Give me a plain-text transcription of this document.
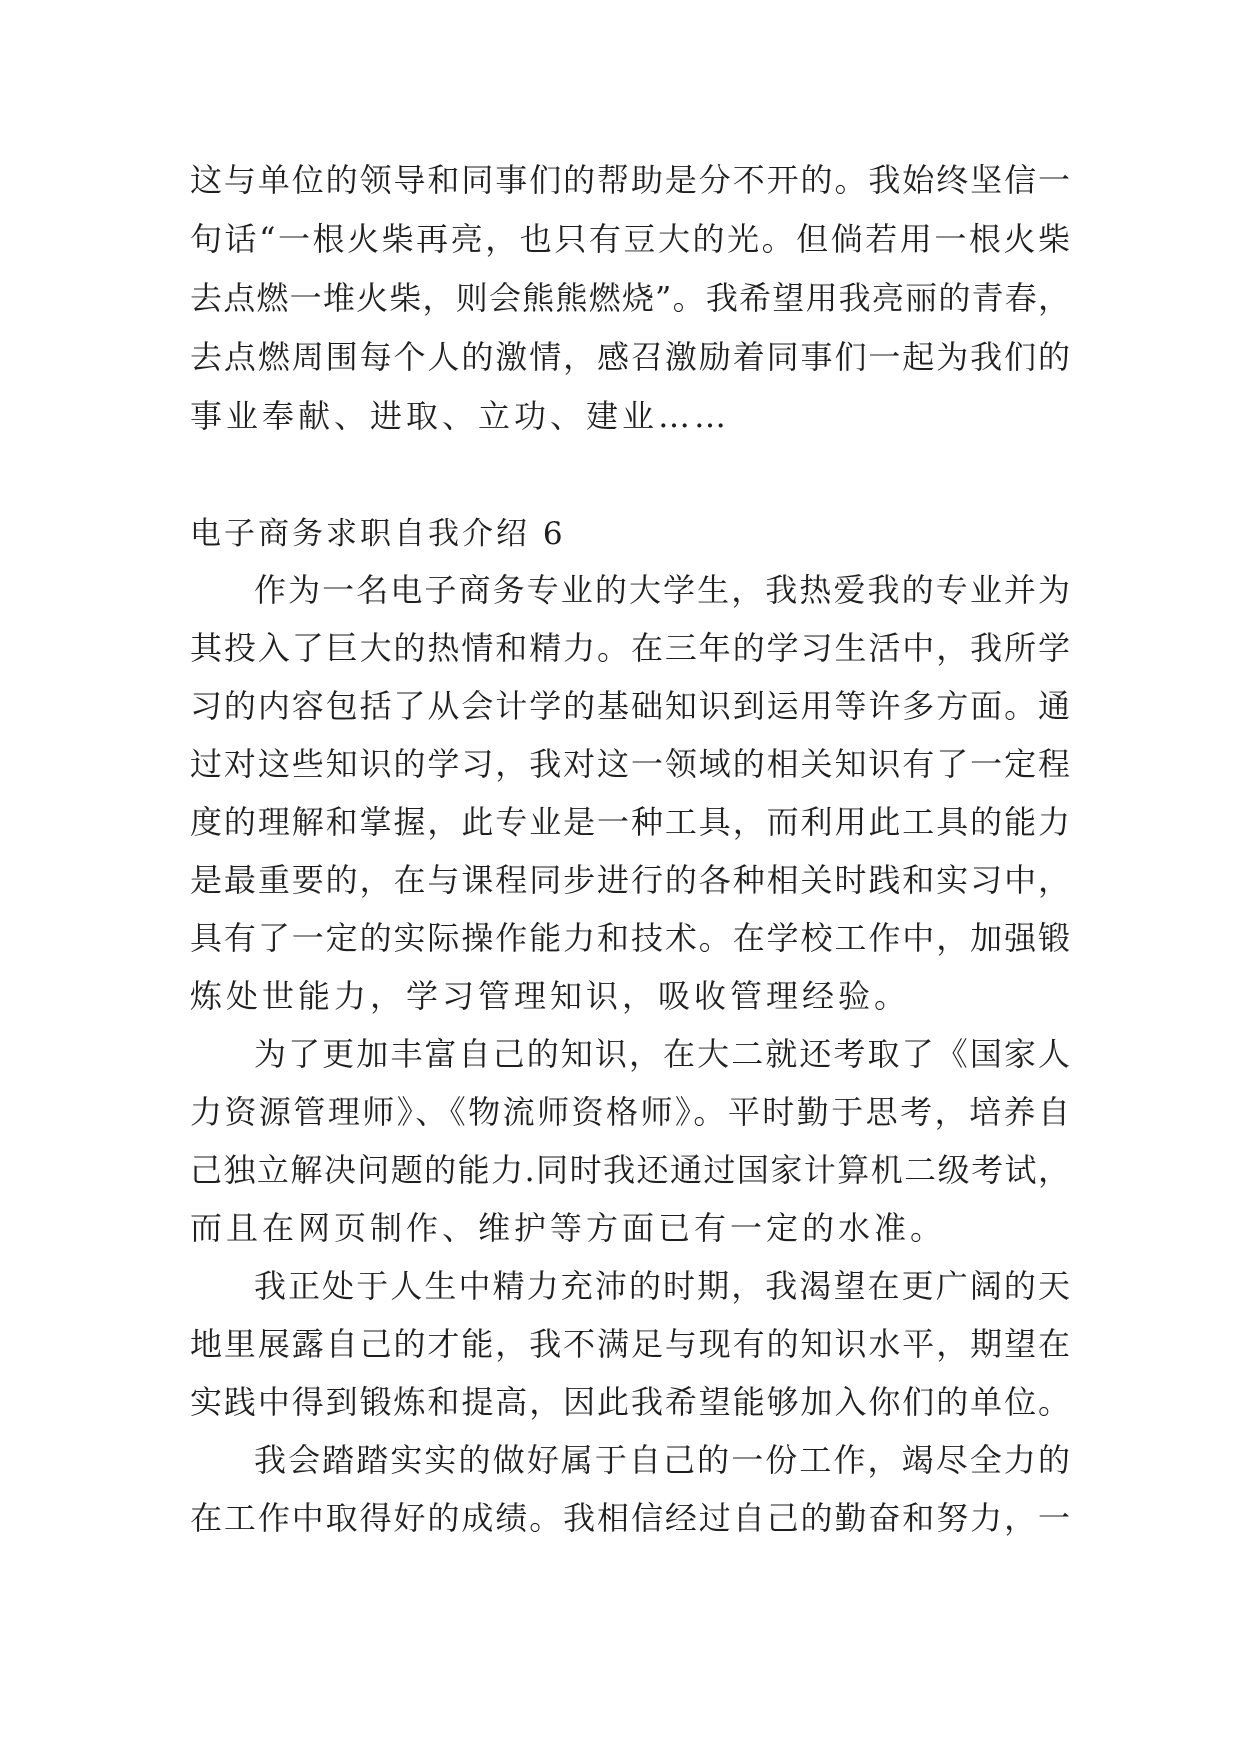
这与单位的领导和同事们的帮助是分不开的。我始终坚信一
句话“一根火柴再亮，也只有豆大的光。但倘若用一根火柴
去点燃一堆火柴，则会熊熊燃烧”。我希望用我亮丽的青春，
去点燃周围每个人的激情，感召激励着同事们一起为我们的
事业奉献、进取、立功、建业……
电子商务求职自我介绍 6
作为一名电子商务专业的大学生，我热爱我的专业并为
其投入了巨大的热情和精力。在三年的学习生活中，我所学
习的内容包括了从会计学的基础知识到运用等许多方面。通
过对这些知识的学习，我对这一领域的相关知识有了一定程
度的理解和掌握，此专业是一种工具，而利用此工具的能力
是最重要的，在与课程同步进行的各种相关时践和实习中，
具有了一定的实际操作能力和技术。在学校工作中，加强锻
炼处世能力，学习管理知识，吸收管理经验。
为了更加丰富自己的知识，在大二就还考取了《国家人
力资源管理师》、《物流师资格师》。平时勤于思考，培养自
己独立解决问题的能力.同时我还通过国家计算机二级考试，
而且在网页制作、维护等方面已有一定的水准。
我正处于人生中精力充沛的时期，我渴望在更广阔的天
地里展露自己的才能，我不满足与现有的知识水平，期望在
实践中得到锻炼和提高，因此我希望能够加入你们的单位。
我会踏踏实实的做好属于自己的一份工作，竭尽全力的
在工作中取得好的成绩。我相信经过自己的勤奋和努力，一
